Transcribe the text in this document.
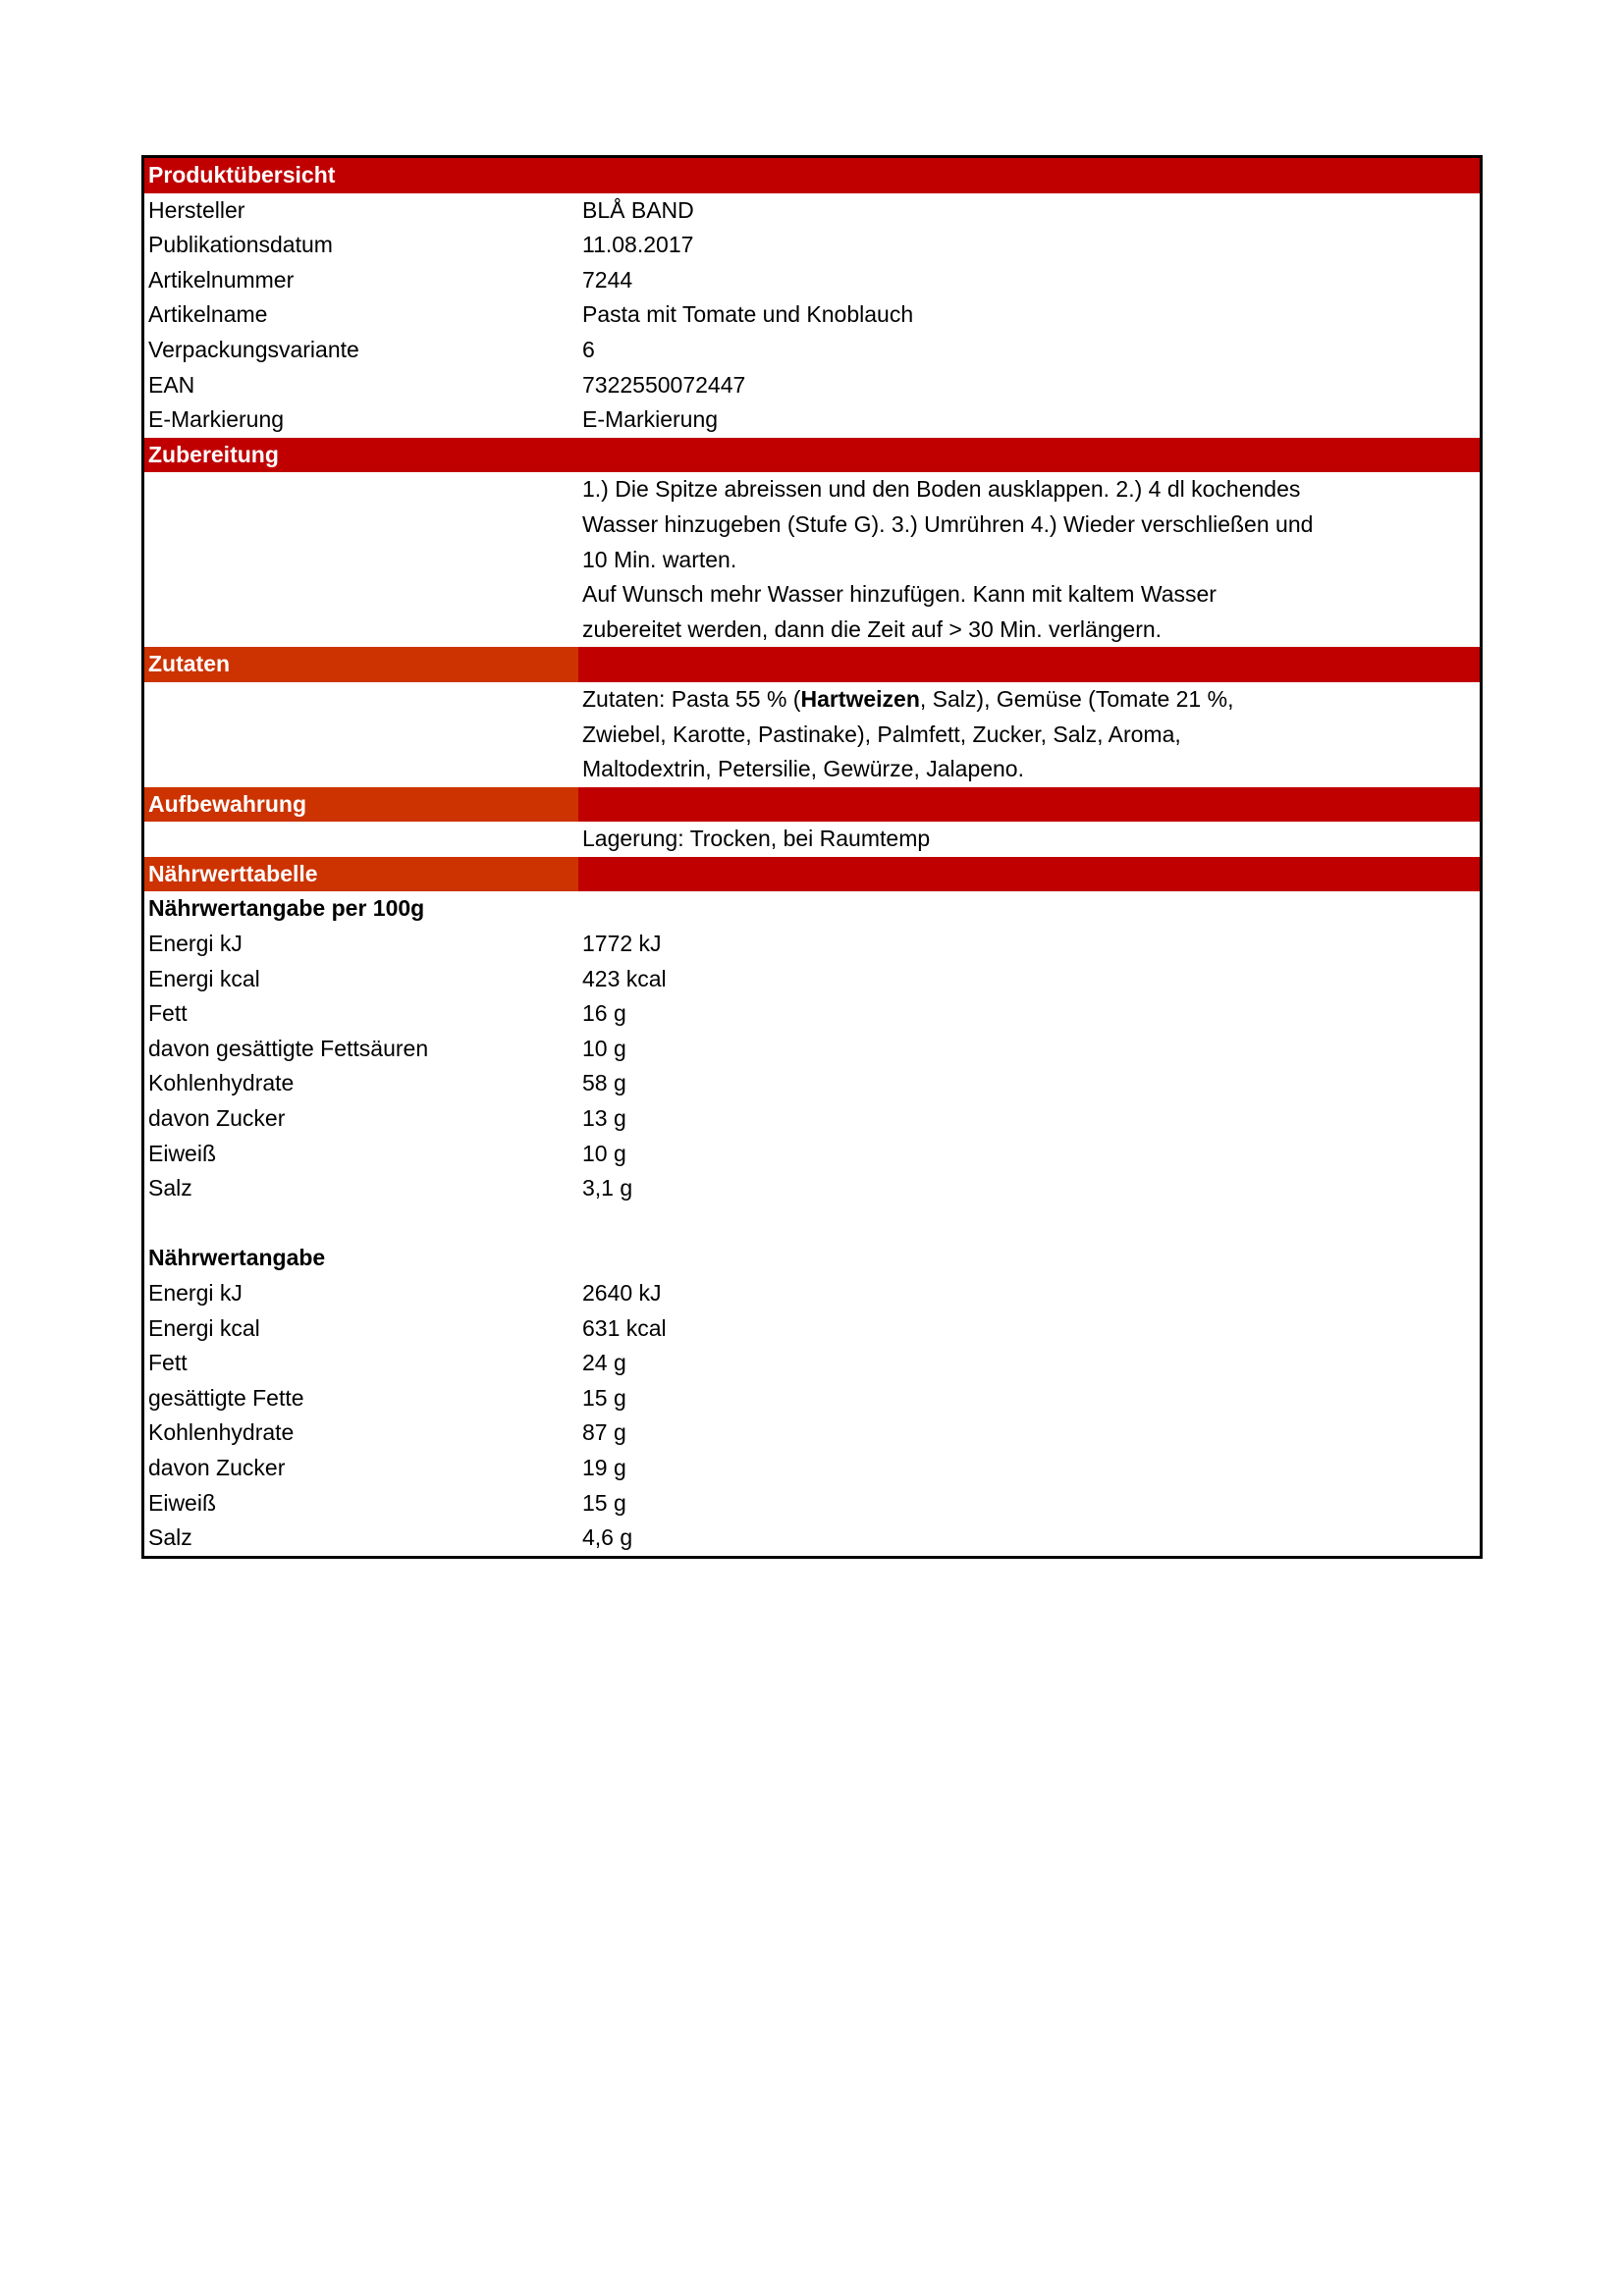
Produktübersicht
Hersteller	BLÅ BAND
Publikationsdatum	11.08.2017
Artikelnummer	7244
Artikelname	Pasta mit Tomate und Knoblauch
Verpackungsvariante	6
EAN	7322550072447
E-Markierung	E-Markierung
Zubereitung
1.) Die Spitze abreissen und den Boden ausklappen. 2.) 4 dl kochendes
Wasser hinzugeben (Stufe G). 3.) Umrühren 4.) Wieder verschließen und
10 Min. warten.
Auf Wunsch mehr Wasser hinzufügen. Kann mit kaltem Wasser
zubereitet werden, dann die Zeit auf > 30 Min. verlängern.
Zutaten
Zutaten: Pasta 55 % (Hartweizen, Salz), Gemüse (Tomate 21 %,
Zwiebel, Karotte, Pastinake), Palmfett, Zucker, Salz, Aroma,
Maltodextrin, Petersilie, Gewürze, Jalapeno.
Aufbewahrung
Lagerung: Trocken, bei Raumtemp
Nährwerttabelle
Nährwertangabe per 100g
Energi kJ	1772 kJ
Energi kcal	423 kcal
Fett	16 g
davon gesättigte Fettsäuren	10 g
Kohlenhydrate	58 g
davon Zucker	13 g
Eiweiß	10 g
Salz	3,1 g
Nährwertangabe
Energi kJ	2640 kJ
Energi kcal	631 kcal
Fett	24 g
gesättigte Fette	15 g
Kohlenhydrate	87 g
davon Zucker	19 g
Eiweiß	15 g
Salz	4,6 g
